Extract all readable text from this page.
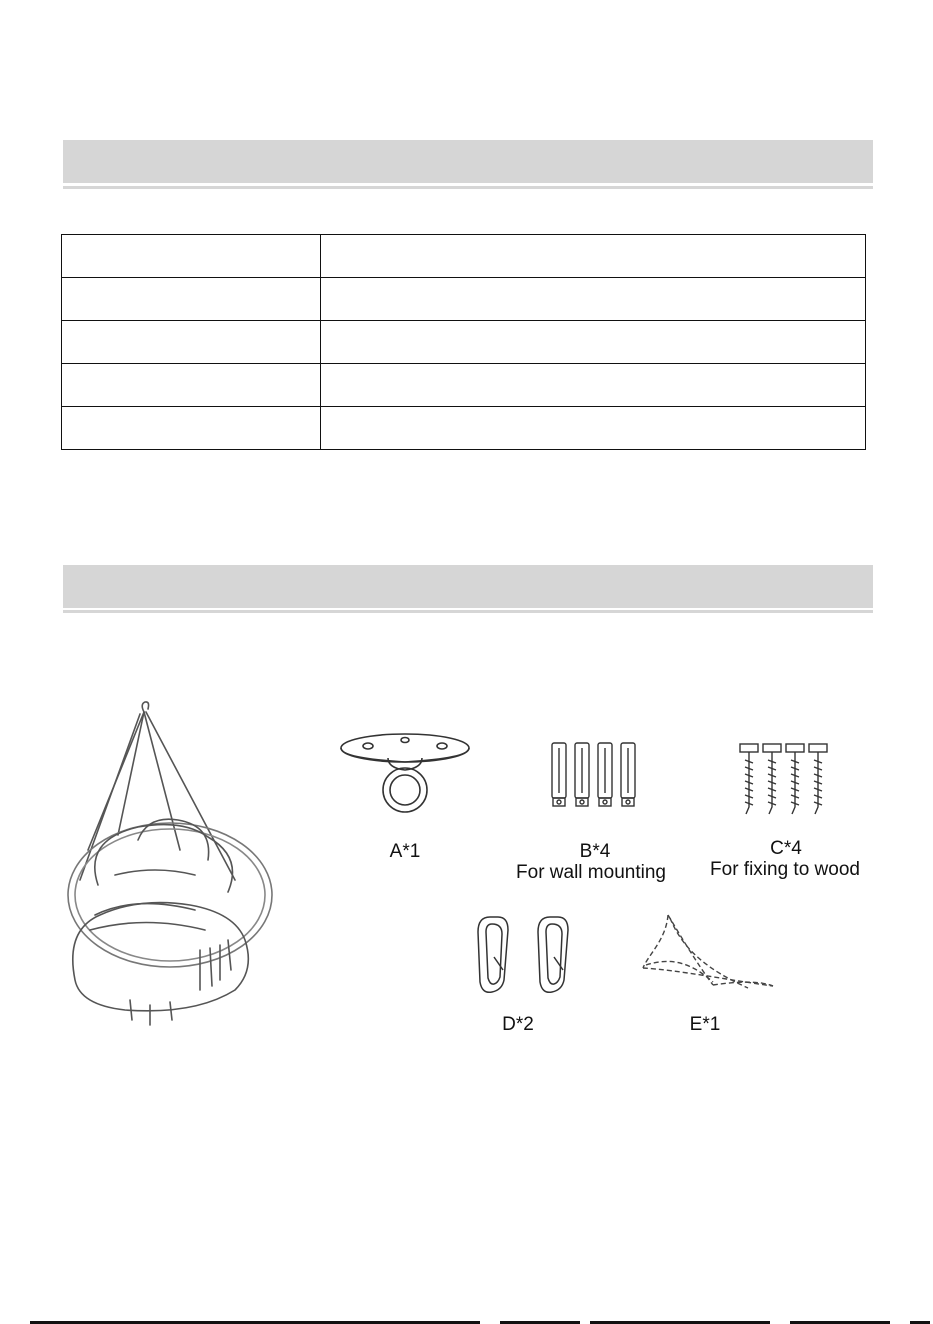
A*1	B*4
For wall mounting
C*4
For fixing to wood
D*2	E*1
